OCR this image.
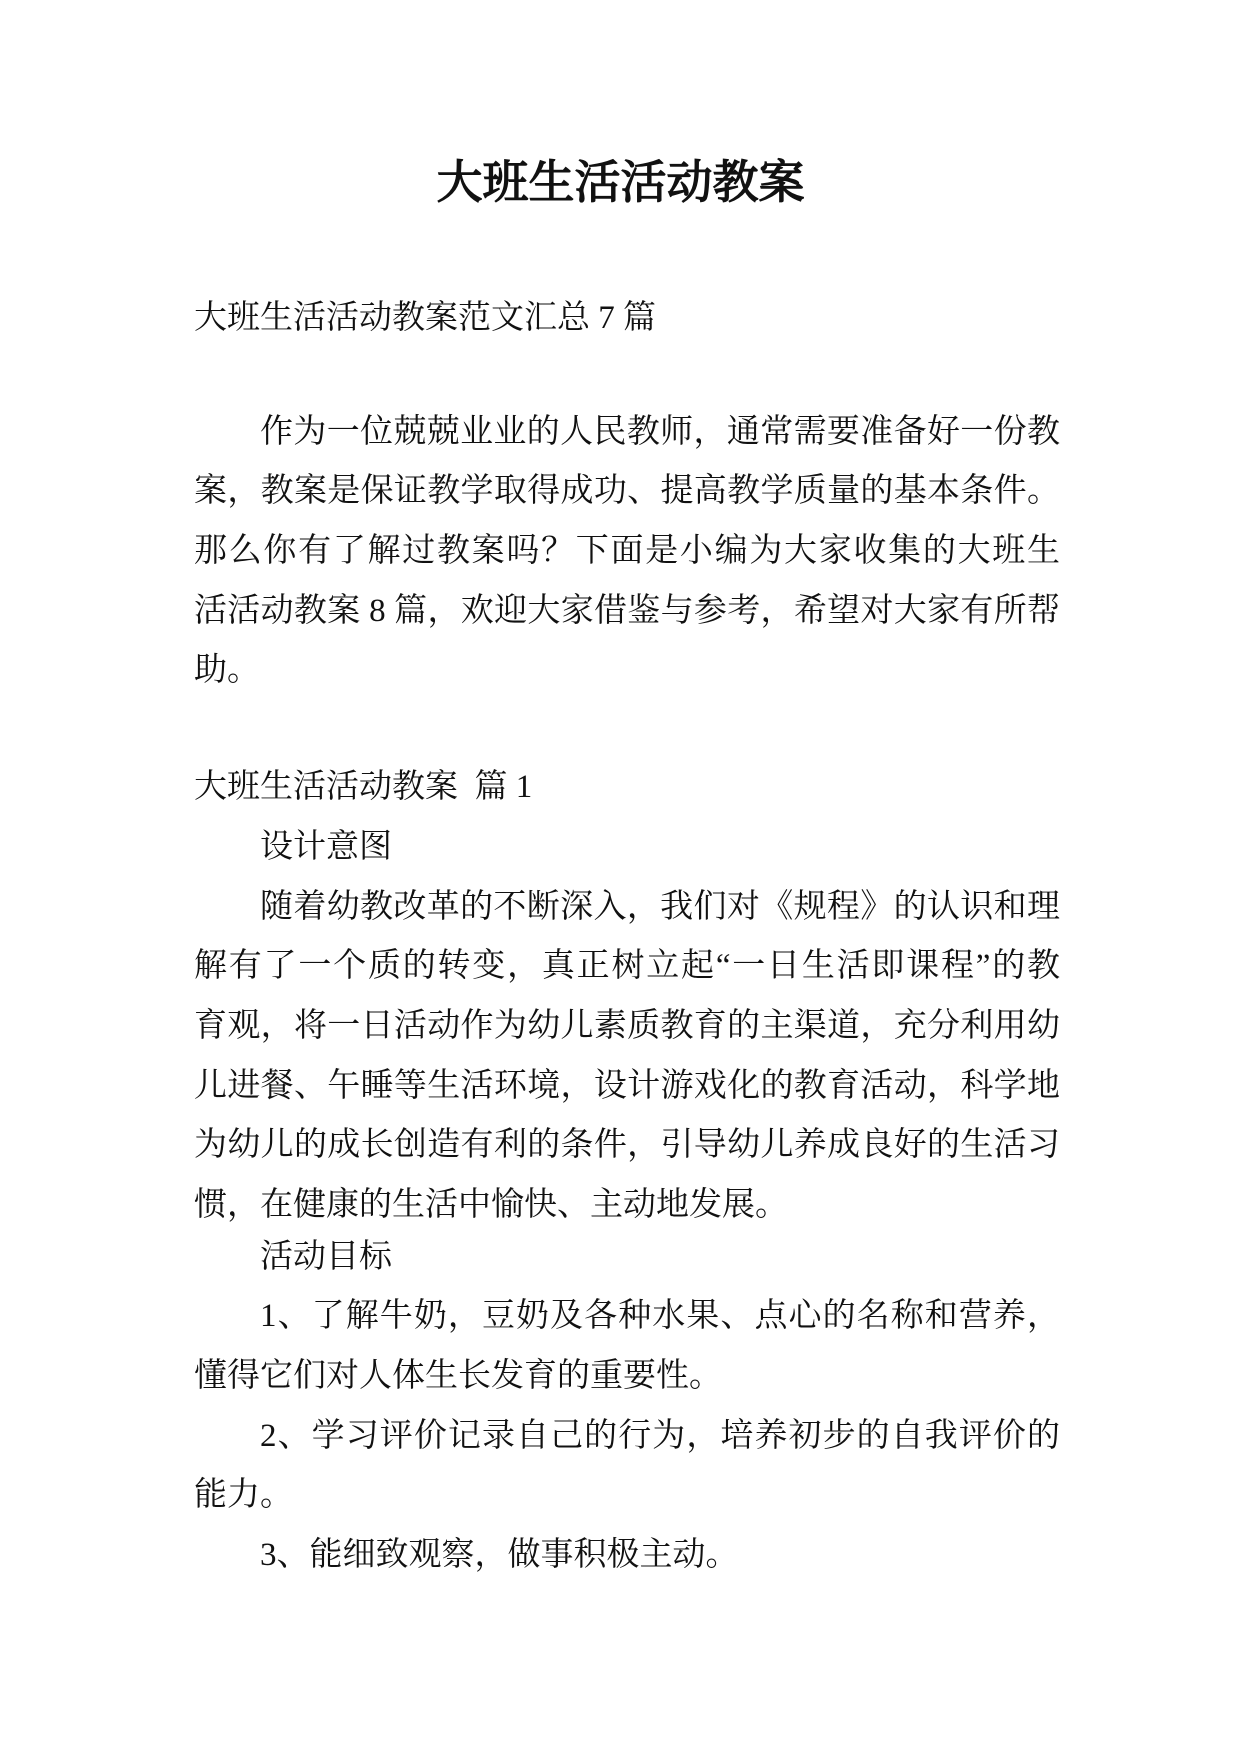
大班生活活动教案

大班生活活动教案范文汇总 7 篇

作为一位兢兢业业的人民教师，通常需要准备好一份教
案，教案是保证教学取得成功、提高教学质量的基本条件。
那么你有了解过教案吗？下面是小编为大家收集的大班生
活活动教案 8 篇，欢迎大家借鉴与参考，希望对大家有所帮
助。
大班生活活动教案  篇 1
设计意图
随着幼教改革的不断深入，我们对《规程》的认识和理
解有了一个质的转变，真正树立起“一日生活即课程”的教
育观，将一日活动作为幼儿素质教育的主渠道，充分利用幼
儿进餐、午睡等生活环境，设计游戏化的教育活动，科学地
为幼儿的成长创造有利的条件，引导幼儿养成良好的生活习
惯，在健康的生活中愉快、主动地发展。
活动目标
1、了解牛奶，豆奶及各种水果、点心的名称和营养，
懂得它们对人体生长发育的重要性。
2、学习评价记录自己的行为，培养初步的自我评价的
能力。
3、能细致观察，做事积极主动。
